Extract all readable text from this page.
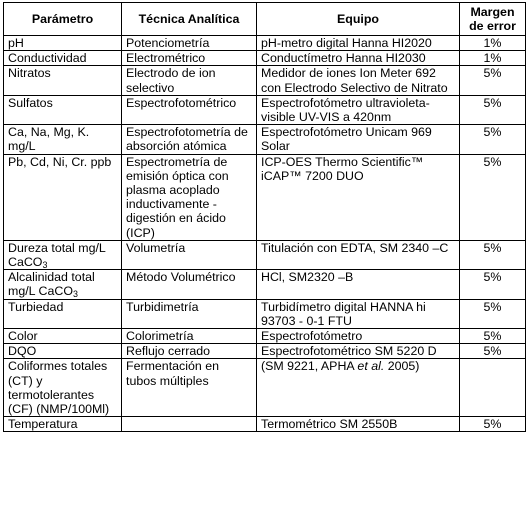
Parámetro	Técnica Analítica	Equipo	Margen de error
pH	Potenciometría	pH-metro digital Hanna HI2020	1%
Conductividad	Electrométrico	Conductímetro Hanna HI2030	1%
Nitratos	Electrodo de ion selectivo	Medidor de iones Ion Meter 692 con Electrodo Selectivo de Nitrato	5%
Sulfatos	Espectrofotométrico	Espectrofotómetro ultravioleta-visible UV-VIS a 420nm	5%
Ca, Na, Mg, K. mg/L	Espectrofotometría de absorción atómica	Espectrofotómetro Unicam 969 Solar	5%
Pb, Cd, Ni, Cr. ppb	Espectrometría de emisión óptica con plasma acoplado inductivamente - digestión en ácido (ICP)	ICP-OES Thermo Scientific™ iCAP™ 7200 DUO	5%
Dureza total mg/L CaCO$_3$	Volumetría	Titulación con EDTA, SM 2340 –C	5%
Alcalinidad total mg/L CaCO$_3$	Método Volumétrico	HCl, SM2320 –B	5%
Turbiedad	Turbidimetría	Turbidímetro digital HANNA hi 93703 - 0-1 FTU	5%
Color	Colorimetría	Espectrofotómetro	5%
DQO	Reflujo cerrado	Espectrofotométrico SM 5220 D	5%
Coliformes totales (CT) y termotolerantes (CF) (NMP/100Ml)	Fermentación en tubos múltiples	(SM 9221, APHA et al. 2005)	
Temperatura		Termométrico SM 2550B	5%
